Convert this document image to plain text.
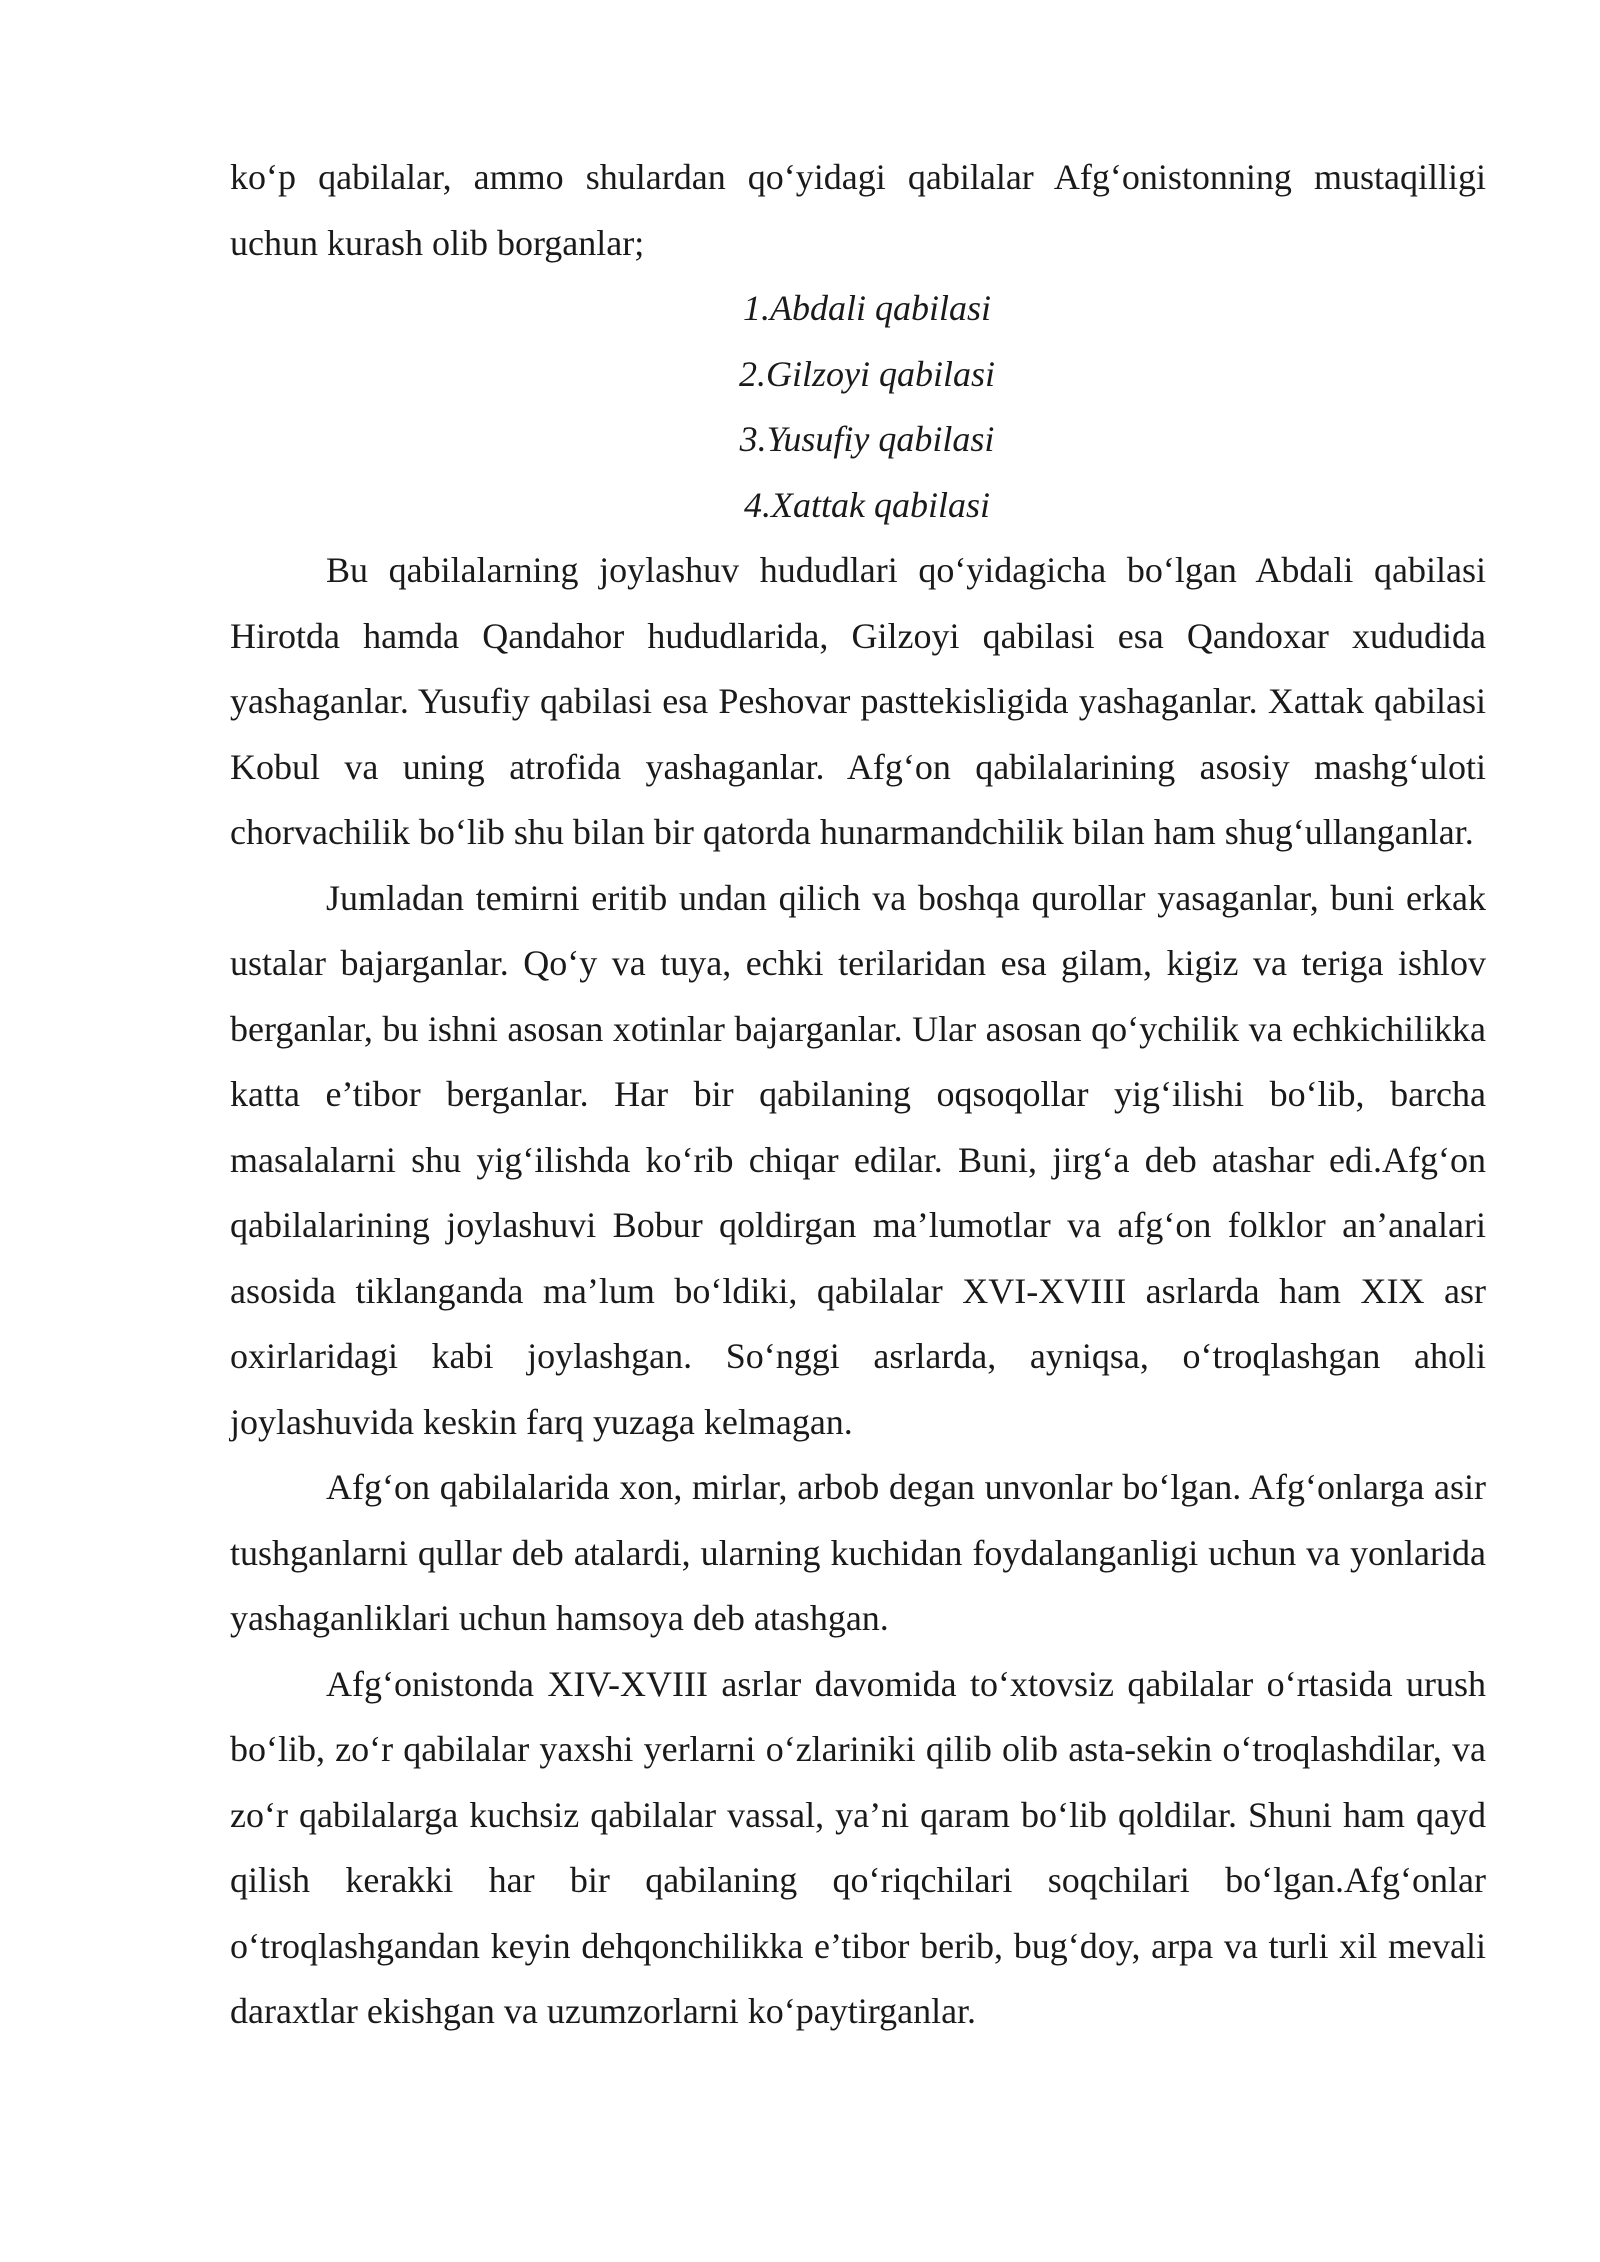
ko‘p qabilalar, ammo shulardan qo‘yidagi qabilalar Afg‘onistonning mustaqilligi uchun kurash olib borganlar;

1.Abdali qabilasi
2.Gilzoyi qabilasi
3.Yusufiy qabilasi
4.Xattak qabilasi

Bu qabilalarning joylashuv hududlari qo‘yidagicha bo‘lgan Abdali qabilasi Hirotda hamda Qandahor hududlarida, Gilzoyi qabilasi esa Qandoxar xududida yashaganlar. Yusufiy qabilasi esa Peshovar pasttekisligida yashaganlar. Xattak qabilasi Kobul va uning atrofida yashaganlar. Afg‘on qabilalarining asosiy mashg‘uloti chorvachilik bo‘lib shu bilan bir qatorda hunarmandchilik bilan ham shug‘ullanganlar.

Jumladan temirni eritib undan qilich va boshqa qurollar yasaganlar, buni erkak ustalar bajarganlar. Qo‘y va tuya, echki terilaridan esa gilam, kigiz va teriga ishlov berganlar, bu ishni asosan xotinlar bajarganlar. Ular asosan qo‘ychilik va echkichilikka katta e’tibor berganlar. Har bir qabilaning oqsoqollar yig‘ilishi bo‘lib, barcha masalalarni shu yig‘ilishda ko‘rib chiqar edilar. Buni, jirg‘a deb atashar edi.Afg‘on qabilalarining joylashuvi Bobur qoldirgan ma’lumotlar va afg‘on folklor an’analari asosida tiklanganda ma’lum bo‘ldiki, qabilalar XVI-XVIII asrlarda ham XIX asr oxirlaridagi kabi joylashgan. So‘nggi asrlarda, ayniqsa, o‘troqlashgan aholi joylashuvida keskin farq yuzaga kelmagan.

Afg‘on qabilalarida xon, mirlar, arbob degan unvonlar bo‘lgan. Afg‘onlarga asir tushganlarni qullar deb atalardi, ularning kuchidan foydalanganligi uchun va yonlarida yashaganliklari uchun hamsoya deb atashgan.

Afg‘onistonda XIV-XVIII asrlar davomida to‘xtovsiz qabilalar o‘rtasida urush bo‘lib, zo‘r qabilalar yaxshi yerlarni o‘zlariniki qilib olib asta-sekin o‘troqlashdilar, va zo‘r qabilalarga kuchsiz qabilalar vassal, ya’ni qaram bo‘lib qoldilar. Shuni ham qayd qilish kerakki har bir qabilaning qo‘riqchilari soqchilari bo‘lgan.Afg‘onlar o‘troqlashgandan keyin dehqonchilikka e’tibor berib, bug‘doy, arpa va turli xil mevali daraxtlar ekishgan va uzumzorlarni ko‘paytirganlar.
